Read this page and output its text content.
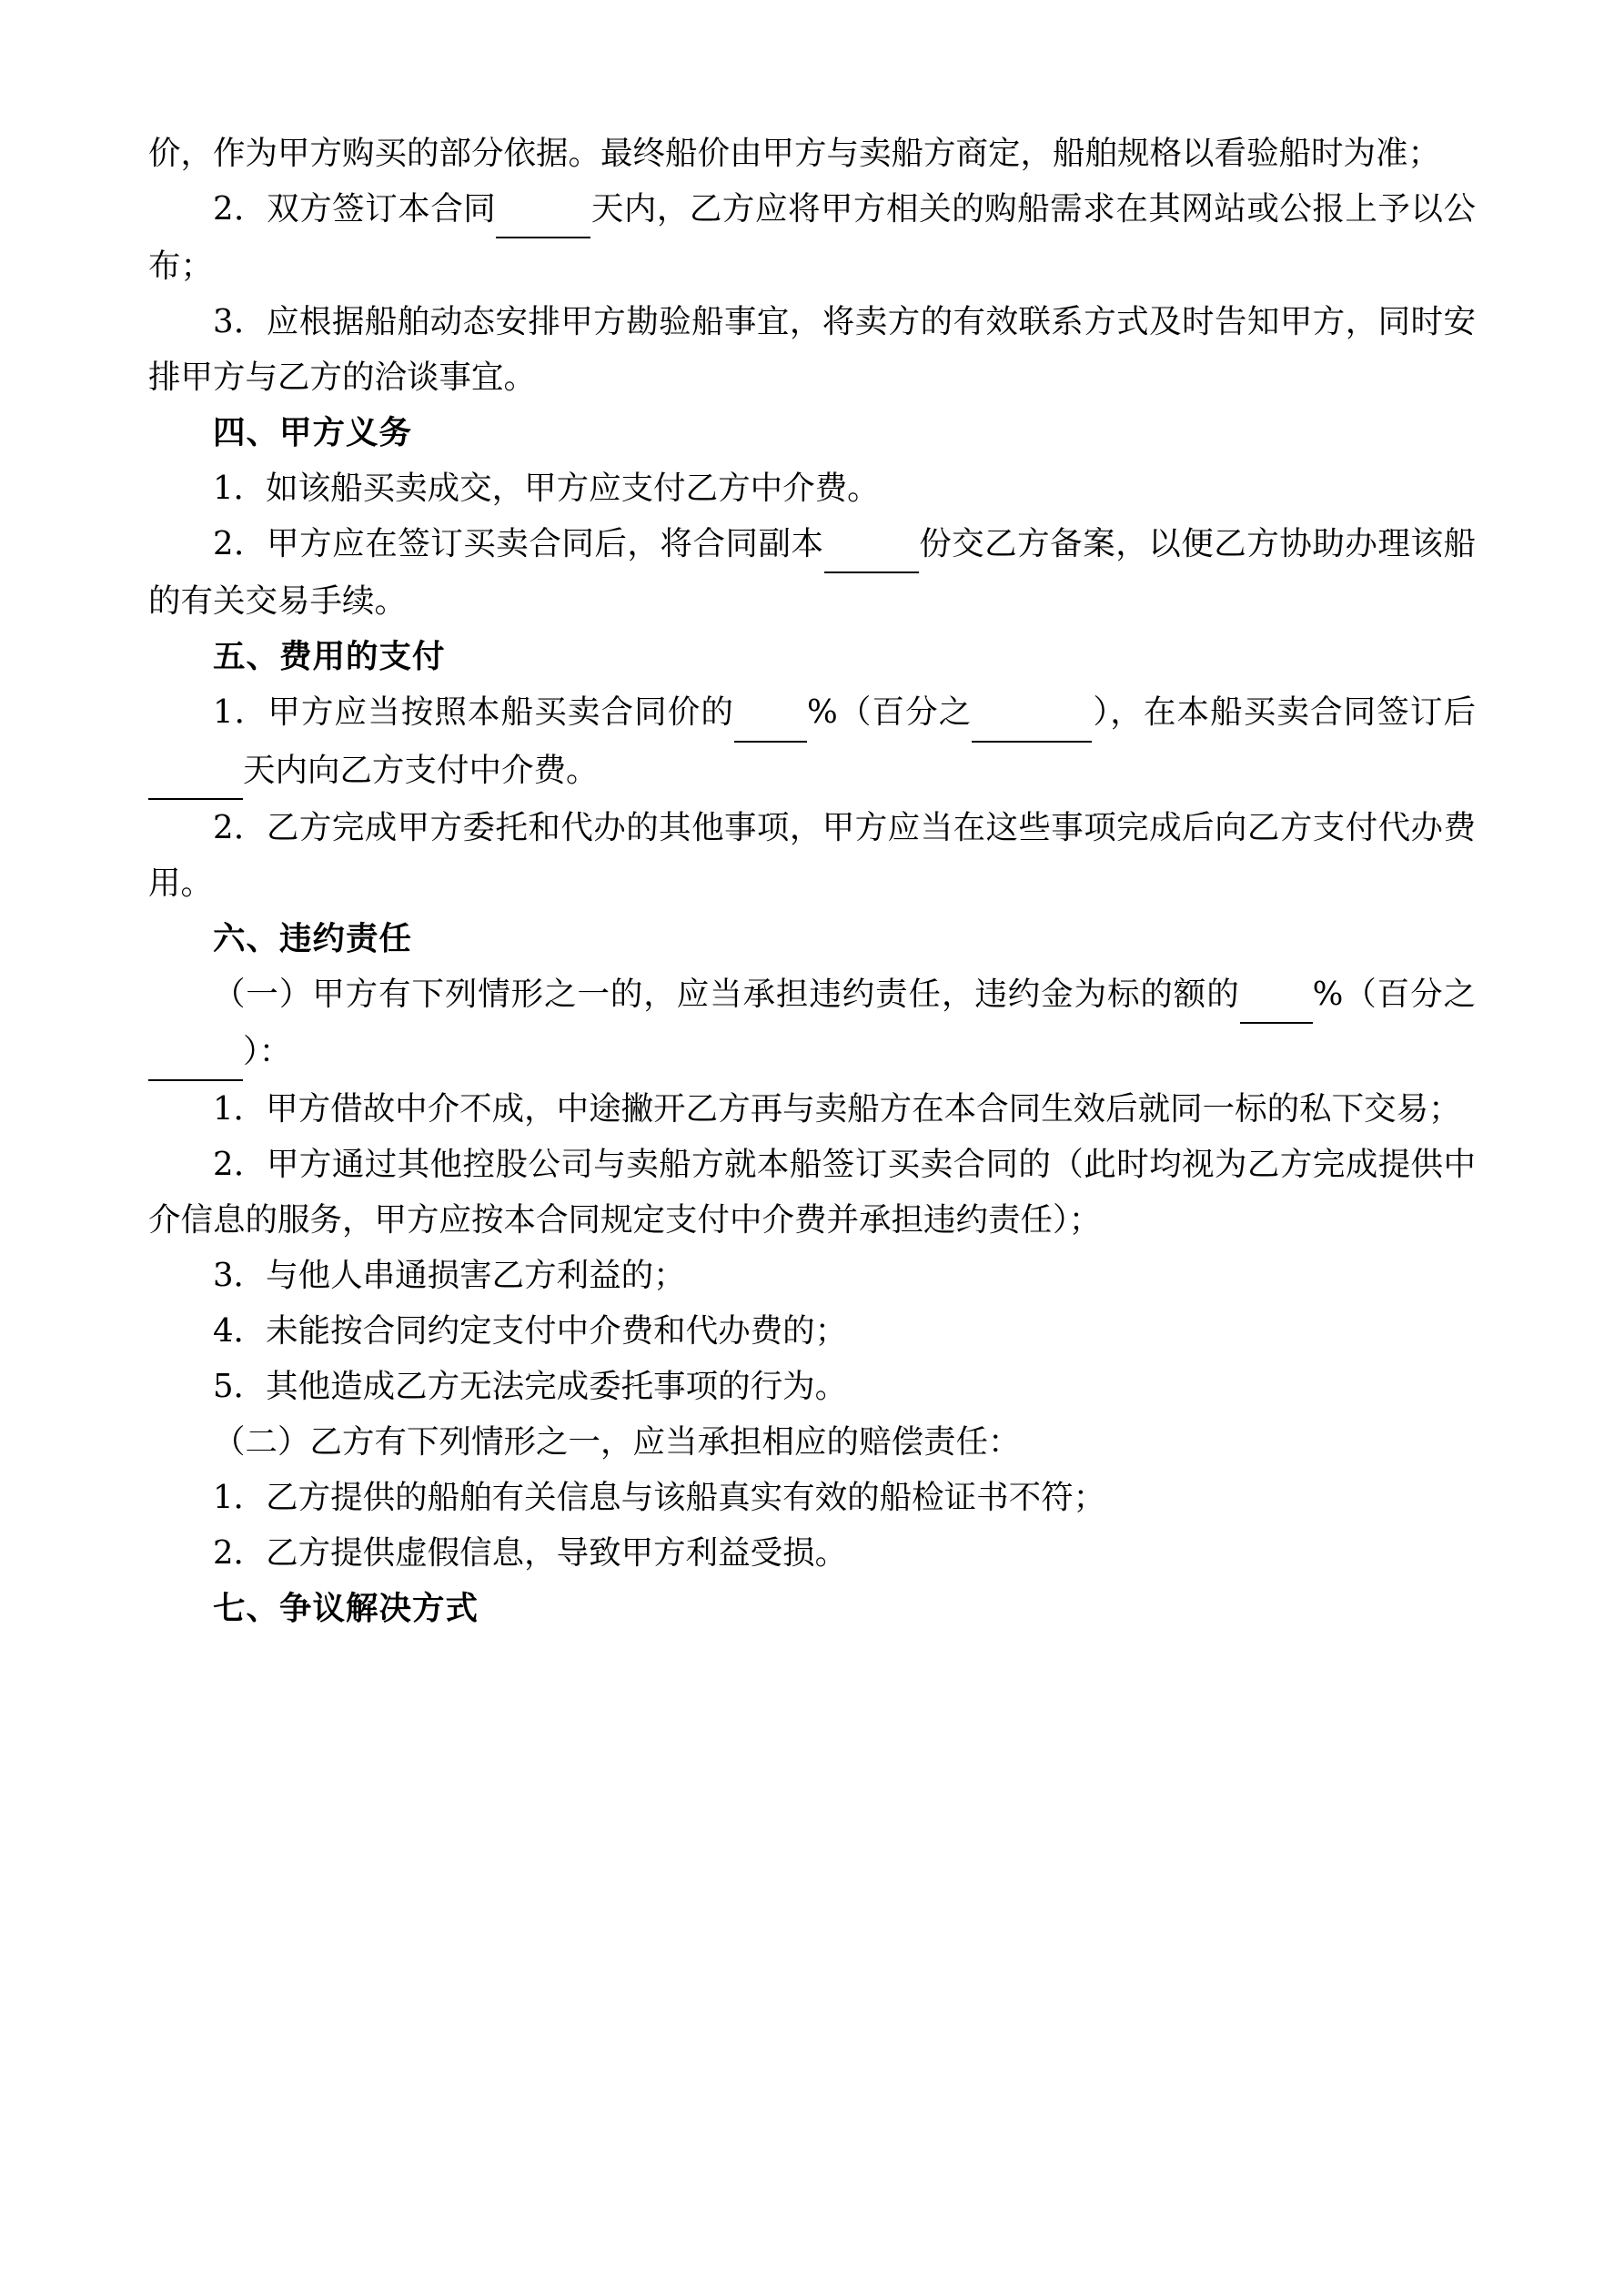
价，作为甲方购买的部分依据。最终船价由甲方与卖船方商定，船舶规格以看验船时为准；

2．双方签订本合同	天内，乙方应将甲方相关的购船需求在其网站或公报上予以公布；

3．应根据船舶动态安排甲方勘验船事宜，将卖方的有效联系方式及时告知甲方，同时安排甲方与乙方的洽谈事宜。

四、甲方义务

1．如该船买卖成交，甲方应支付乙方中介费。

2．甲方应在签订买卖合同后，将合同副本	份交乙方备案，以便乙方协助办理该船的有关交易手续。

五、费用的支付

1．甲方应当按照本船买卖合同价的 %（百分之	），在本船买卖合同签订后 天内向乙方支付中介费。

2．乙方完成甲方委托和代办的其他事项，甲方应当在这些事项完成后向乙方支付代办费用。

六、违约责任

（一）甲方有下列情形之一的，应当承担违约责任，违约金为标的额的 %（百分之 ）：

1．甲方借故中介不成，中途撇开乙方再与卖船方在本合同生效后就同一标的私下交易；

2．甲方通过其他控股公司与卖船方就本船签订买卖合同的（此时均视为乙方完成提供中介信息的服务，甲方应按本合同规定支付中介费并承担违约责任）；

3．与他人串通损害乙方利益的；

4．未能按合同约定支付中介费和代办费的；

5．其他造成乙方无法完成委托事项的行为。

（二）乙方有下列情形之一，应当承担相应的赔偿责任：

1．乙方提供的船舶有关信息与该船真实有效的船检证书不符；

2．乙方提供虚假信息，导致甲方利益受损。

七、争议解决方式
